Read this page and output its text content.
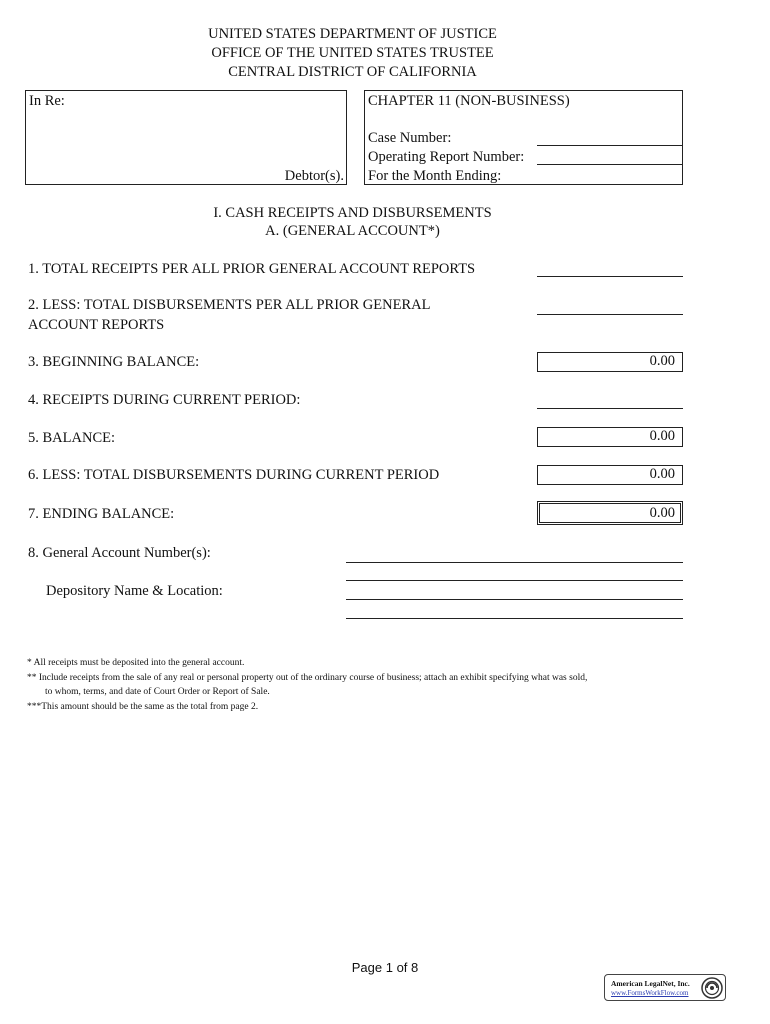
UNITED STATES DEPARTMENT OF JUSTICE
OFFICE OF THE UNITED STATES TRUSTEE
CENTRAL DISTRICT OF CALIFORNIA
In Re:
Debtor(s).
CHAPTER 11 (NON-BUSINESS)
Case Number:
Operating Report Number:
For the Month Ending:
I. CASH RECEIPTS AND DISBURSEMENTS
A. (GENERAL ACCOUNT*)
1. TOTAL RECEIPTS PER ALL PRIOR GENERAL ACCOUNT REPORTS
2. LESS: TOTAL DISBURSEMENTS PER ALL PRIOR GENERAL
ACCOUNT REPORTS
3. BEGINNING BALANCE:	0.00
4. RECEIPTS DURING CURRENT PERIOD:
5. BALANCE:	0.00
6. LESS: TOTAL DISBURSEMENTS DURING CURRENT PERIOD	0.00
7. ENDING BALANCE:	0.00
8. General Account Number(s):
Depository Name & Location:
* All receipts must be deposited into the general account.
** Include receipts from the sale of any real or personal property out of the ordinary course of business; attach an exhibit specifying what was sold,
to whom, terms, and date of Court Order or Report of Sale.
***This amount should be the same as the total from page 2.
Page 1 of 8
American LegalNet, Inc.
www.FormsWorkFlow.com
